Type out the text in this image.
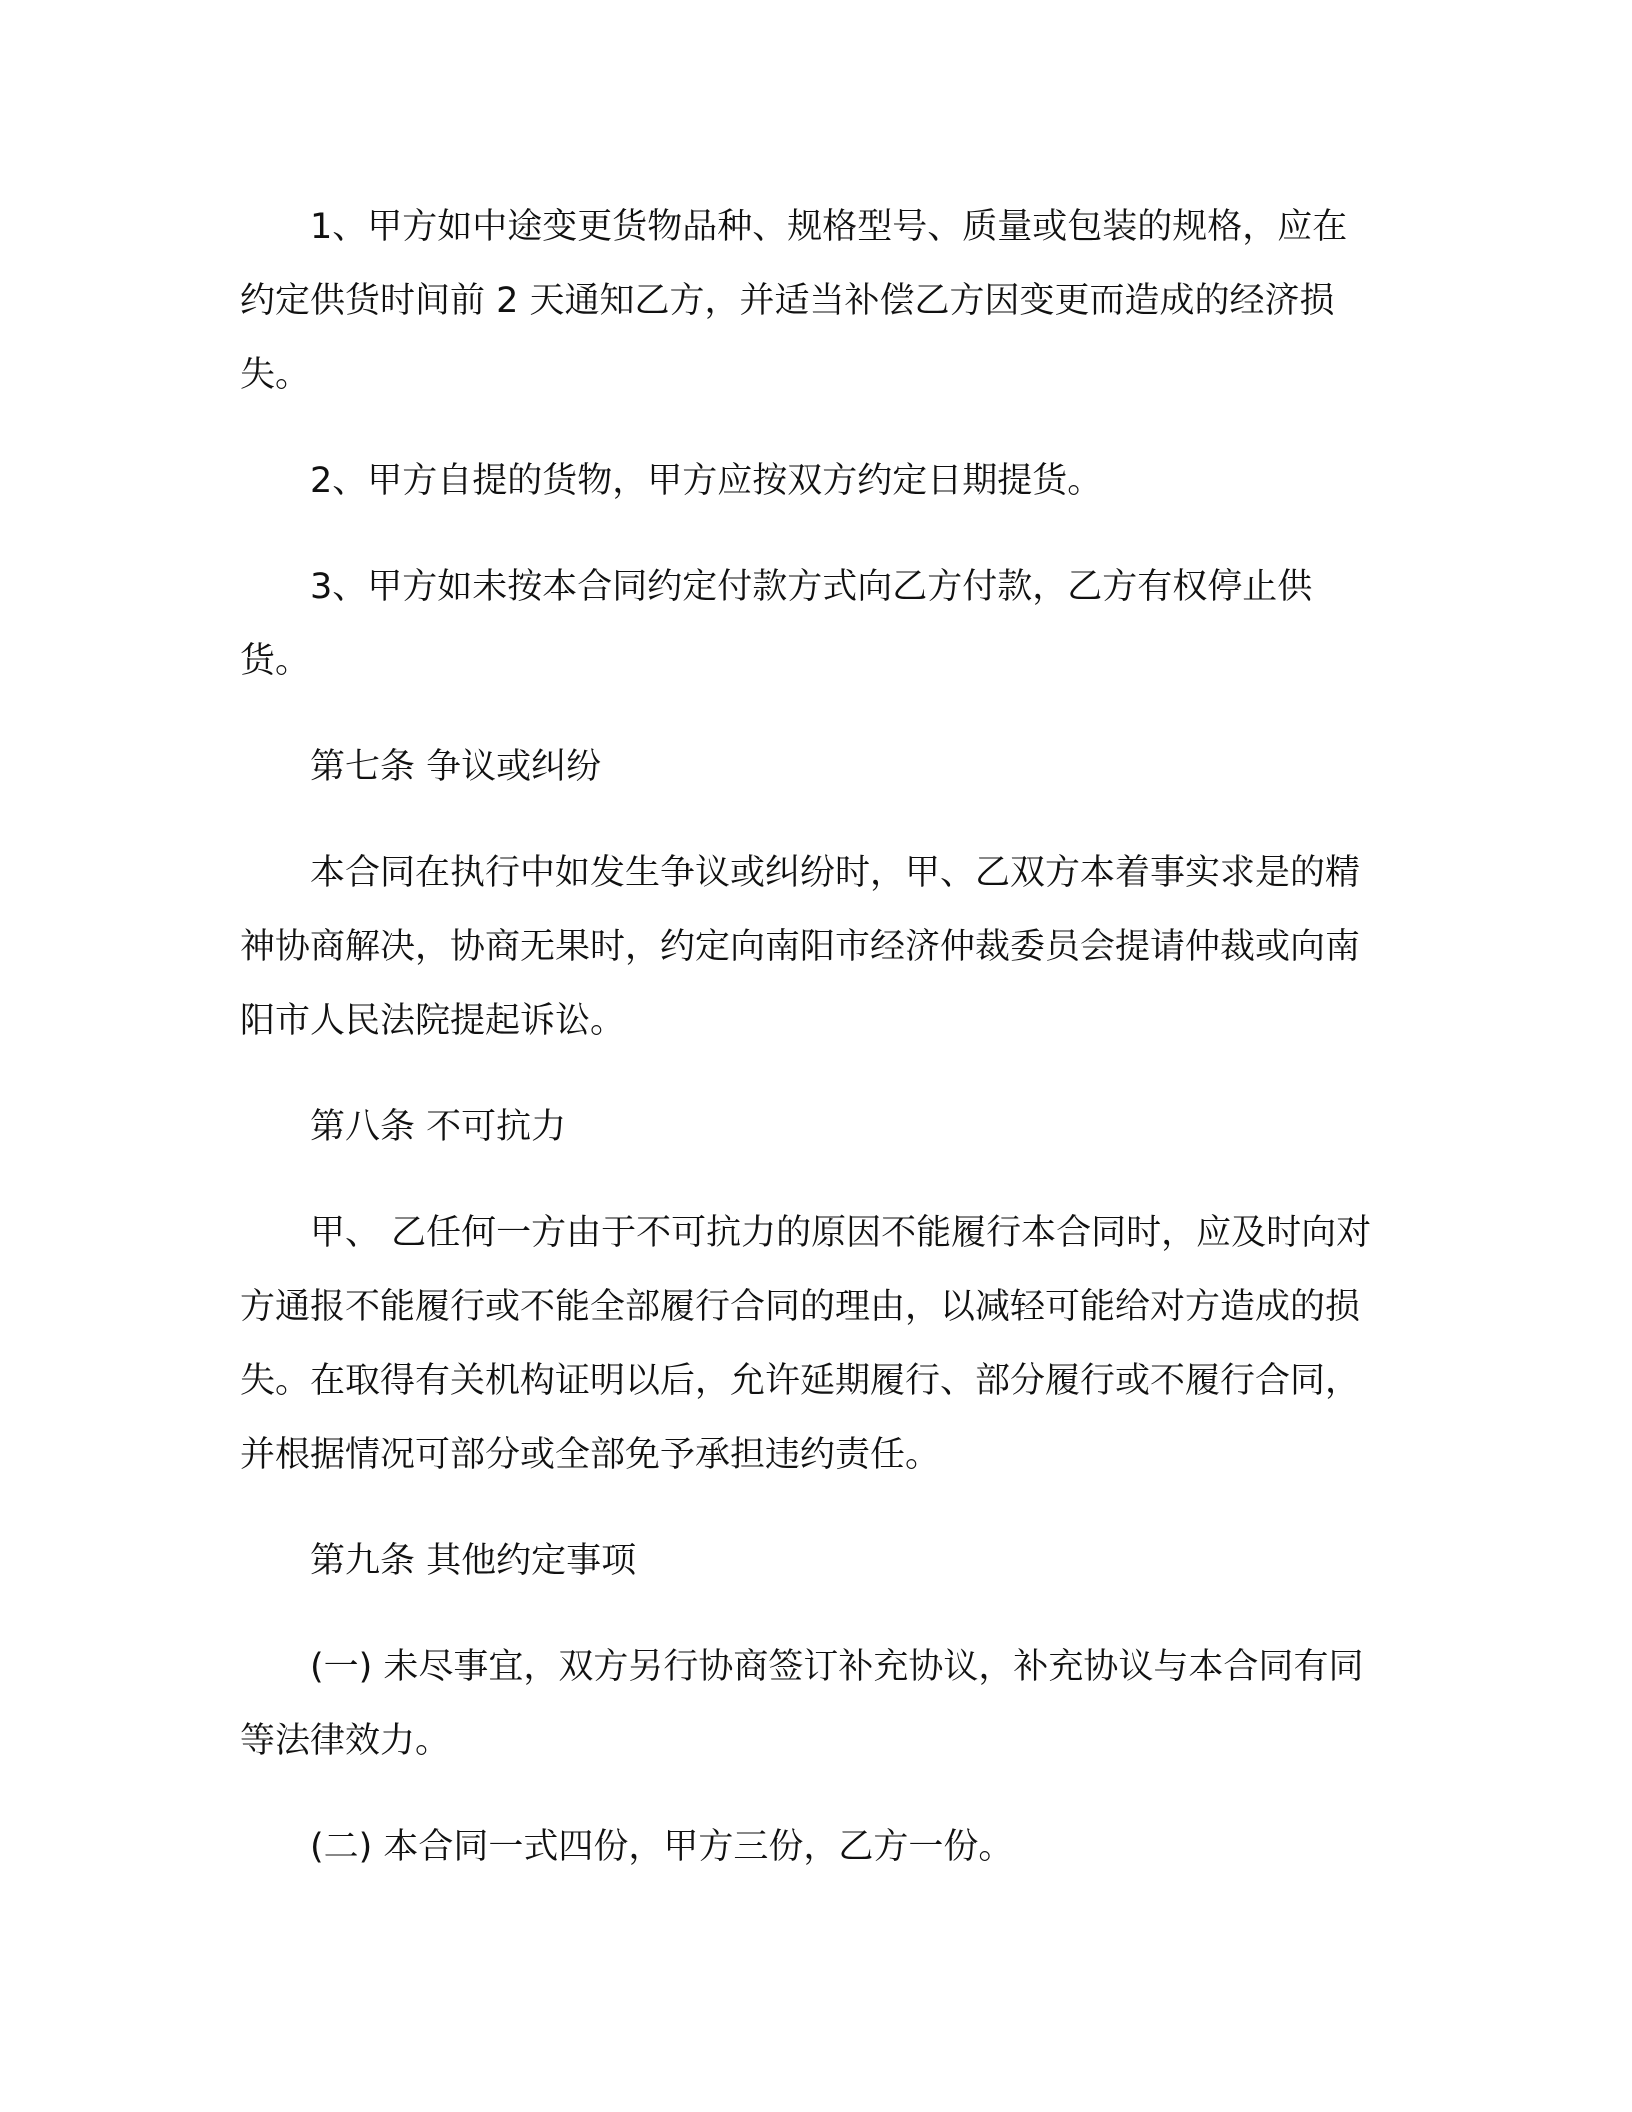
1、甲方如中途变更货物品种、规格型号、质量或包装的规格，应在约定供货时间前 2 天通知乙方，并适当补偿乙方因变更而造成的经济损失。

2、甲方自提的货物，甲方应按双方约定日期提货。

3、甲方如未按本合同约定付款方式向乙方付款，乙方有权停止供货。

第七条 争议或纠纷

本合同在执行中如发生争议或纠纷时，甲、乙双方本着事实求是的精神协商解决，协商无果时，约定向南阳市经济仲裁委员会提请仲裁或向南阳市人民法院提起诉讼。

第八条 不可抗力

甲、 乙任何一方由于不可抗力的原因不能履行本合同时，应及时向对方通报不能履行或不能全部履行合同的理由，以减轻可能给对方造成的损失。在取得有关机构证明以后，允许延期履行、部分履行或不履行合同，并根据情况可部分或全部免予承担违约责任。

第九条 其他约定事项

(一) 未尽事宜，双方另行协商签订补充协议，补充协议与本合同有同等法律效力。

(二) 本合同一式四份，甲方三份，乙方一份。
